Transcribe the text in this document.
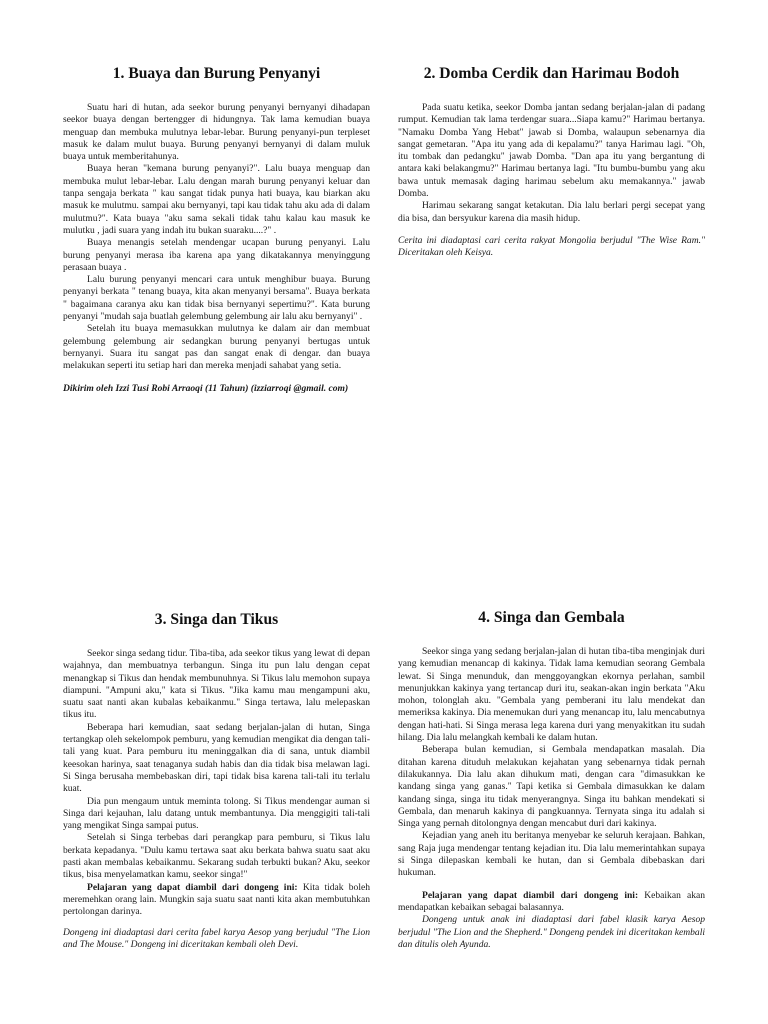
1. Buaya dan Burung Penyanyi

Suatu hari di hutan, ada seekor burung penyanyi bernyanyi dihadapan seekor buaya dengan bertengger di hidungnya. Tak lama kemudian buaya menguap dan membuka mulutnya lebar-lebar. Burung penyanyi-pun terpleset masuk ke dalam mulut buaya. Burung penyanyi bernyanyi di dalam muluk buaya untuk memberitahunya.

Buaya heran "kemana burung penyanyi?". Lalu buaya menguap dan membuka mulut lebar-lebar. Lalu dengan marah burung penyanyi keluar dan tanpa sengaja berkata " kau sangat tidak punya hati buaya, kau biarkan aku masuk ke mulutmu. sampai aku bernyanyi, tapi kau tidak tahu aku ada di dalam mulutmu?". Kata buaya "aku sama sekali tidak tahu kalau kau masuk ke mulutku , jadi suara yang indah itu bukan suaraku....?" .

Buaya menangis setelah mendengar ucapan burung penyanyi. Lalu burung penyanyi merasa iba karena apa yang dikatakannya menyinggung perasaan buaya .

Lalu burung penyanyi mencari cara untuk menghibur buaya. Burung penyanyi berkata " tenang buaya, kita akan menyanyi bersama". Buaya berkata " bagaimana caranya aku kan tidak bisa bernyanyi sepertimu?". Kata burung penyanyi "mudah saja buatlah gelembung gelembung air lalu aku bernyanyi" .

Setelah itu buaya memasukkan mulutnya ke dalam air dan membuat gelembung gelembung air sedangkan burung penyanyi bertugas untuk bernyanyi. Suara itu sangat pas dan sangat enak di dengar. dan buaya melakukan seperti itu setiap hari dan mereka menjadi sahabat yang setia.

Dikirim oleh Izzi Tusi Robi Arraoqi (11 Tahun) (izziarroqi @gmail. com)

2. Domba Cerdik dan Harimau Bodoh

Pada suatu ketika, seekor Domba jantan sedang berjalan-jalan di padang rumput. Kemudian tak lama terdengar suara...Siapa kamu?" Harimau bertanya. "Namaku Domba Yang Hebat" jawab si Domba, walaupun sebenarnya dia sangat gemetaran. "Apa itu yang ada di kepalamu?" tanya Harimau lagi. "Oh, itu tombak dan pedangku" jawab Domba. "Dan apa itu yang bergantung di antara kaki belakangmu?" Harimau bertanya lagi. "Itu bumbu-bumbu yang aku bawa untuk memasak daging harimau sebelum aku memakannya." jawab Domba.

Harimau sekarang sangat ketakutan. Dia lalu berlari pergi secepat yang dia bisa, dan bersyukur karena dia masih hidup.

Cerita ini diadaptasi cari cerita rakyat Mongolia berjudul "The Wise Ram." Diceritakan oleh Keisya.

3. Singa dan Tikus

Seekor singa sedang tidur. Tiba-tiba, ada seekor tikus yang lewat di depan wajahnya, dan membuatnya terbangun. Singa itu pun lalu dengan cepat menangkap si Tikus dan hendak membunuhnya. Si Tikus lalu memohon supaya diampuni. "Ampuni aku," kata si Tikus. "Jika kamu mau mengampuni aku, suatu saat nanti akan kubalas kebaikanmu." Singa tertawa, lalu melepaskan tikus itu.

Beberapa hari kemudian, saat sedang berjalan-jalan di hutan, Singa tertangkap oleh sekelompok pemburu, yang kemudian mengikat dia dengan tali-tali yang kuat. Para pemburu itu meninggalkan dia di sana, untuk diambil keesokan harinya, saat tenaganya sudah habis dan dia tidak bisa melawan lagi. Si Singa berusaha membebaskan diri, tapi tidak bisa karena tali-tali itu terlalu kuat.

Dia pun mengaum untuk meminta tolong. Si Tikus mendengar auman si Singa dari kejauhan, lalu datang untuk membantunya. Dia menggigiti tali-tali yang mengikat Singa sampai putus.

Setelah si Singa terbebas dari perangkap para pemburu, si Tikus lalu berkata kepadanya. "Dulu kamu tertawa saat aku berkata bahwa suatu saat aku pasti akan membalas kebaikanmu. Sekarang sudah terbukti bukan? Aku, seekor tikus, bisa menyelamatkan kamu, seekor singa!"

Pelajaran yang dapat diambil dari dongeng ini: Kita tidak boleh meremehkan orang lain. Mungkin saja suatu saat nanti kita akan membutuhkan pertolongan darinya.

Dongeng ini diadaptasi dari cerita fabel karya Aesop yang berjudul "The Lion and The Mouse." Dongeng ini diceritakan kembali oleh Devi.

4. Singa dan Gembala

Seekor singa yang sedang berjalan-jalan di hutan tiba-tiba menginjak duri yang kemudian menancap di kakinya. Tidak lama kemudian seorang Gembala lewat. Si Singa menunduk, dan menggoyangkan ekornya perlahan, sambil menunjukkan kakinya yang tertancap duri itu, seakan-akan ingin berkata "Aku mohon, tolonglah aku. "Gembala yang pemberani itu lalu mendekat dan memeriksa kakinya. Dia menemukan duri yang menancap itu, lalu mencabutnya dengan hati-hati. Si Singa merasa lega karena duri yang menyakitkan itu sudah hilang. Dia lalu melangkah kembali ke dalam hutan.

Beberapa bulan kemudian, si Gembala mendapatkan masalah. Dia ditahan karena dituduh melakukan kejahatan yang sebenarnya tidak pernah dilakukannya. Dia lalu akan dihukum mati, dengan cara "dimasukkan ke kandang singa yang ganas." Tapi ketika si Gembala dimasukkan ke dalam kandang singa, singa itu tidak menyerangnya. Singa itu bahkan mendekati si Gembala, dan menaruh kakinya di pangkuannya. Ternyata singa itu adalah si Singa yang pernah ditolongnya dengan mencabut duri dari kakinya.

Kejadian yang aneh itu beritanya menyebar ke seluruh kerajaan. Bahkan, sang Raja juga mendengar tentang kejadian itu. Dia lalu memerintahkan supaya si Singa dilepaskan kembali ke hutan, dan si Gembala dibebaskan dari hukuman.

Pelajaran yang dapat diambil dari dongeng ini: Kebaikan akan mendapatkan kebaikan sebagai balasannya.

Dongeng untuk anak ini diadaptasi dari fabel klasik karya Aesop berjudul "The Lion and the Shepherd." Dongeng pendek ini diceritakan kembali dan ditulis oleh Ayunda.
